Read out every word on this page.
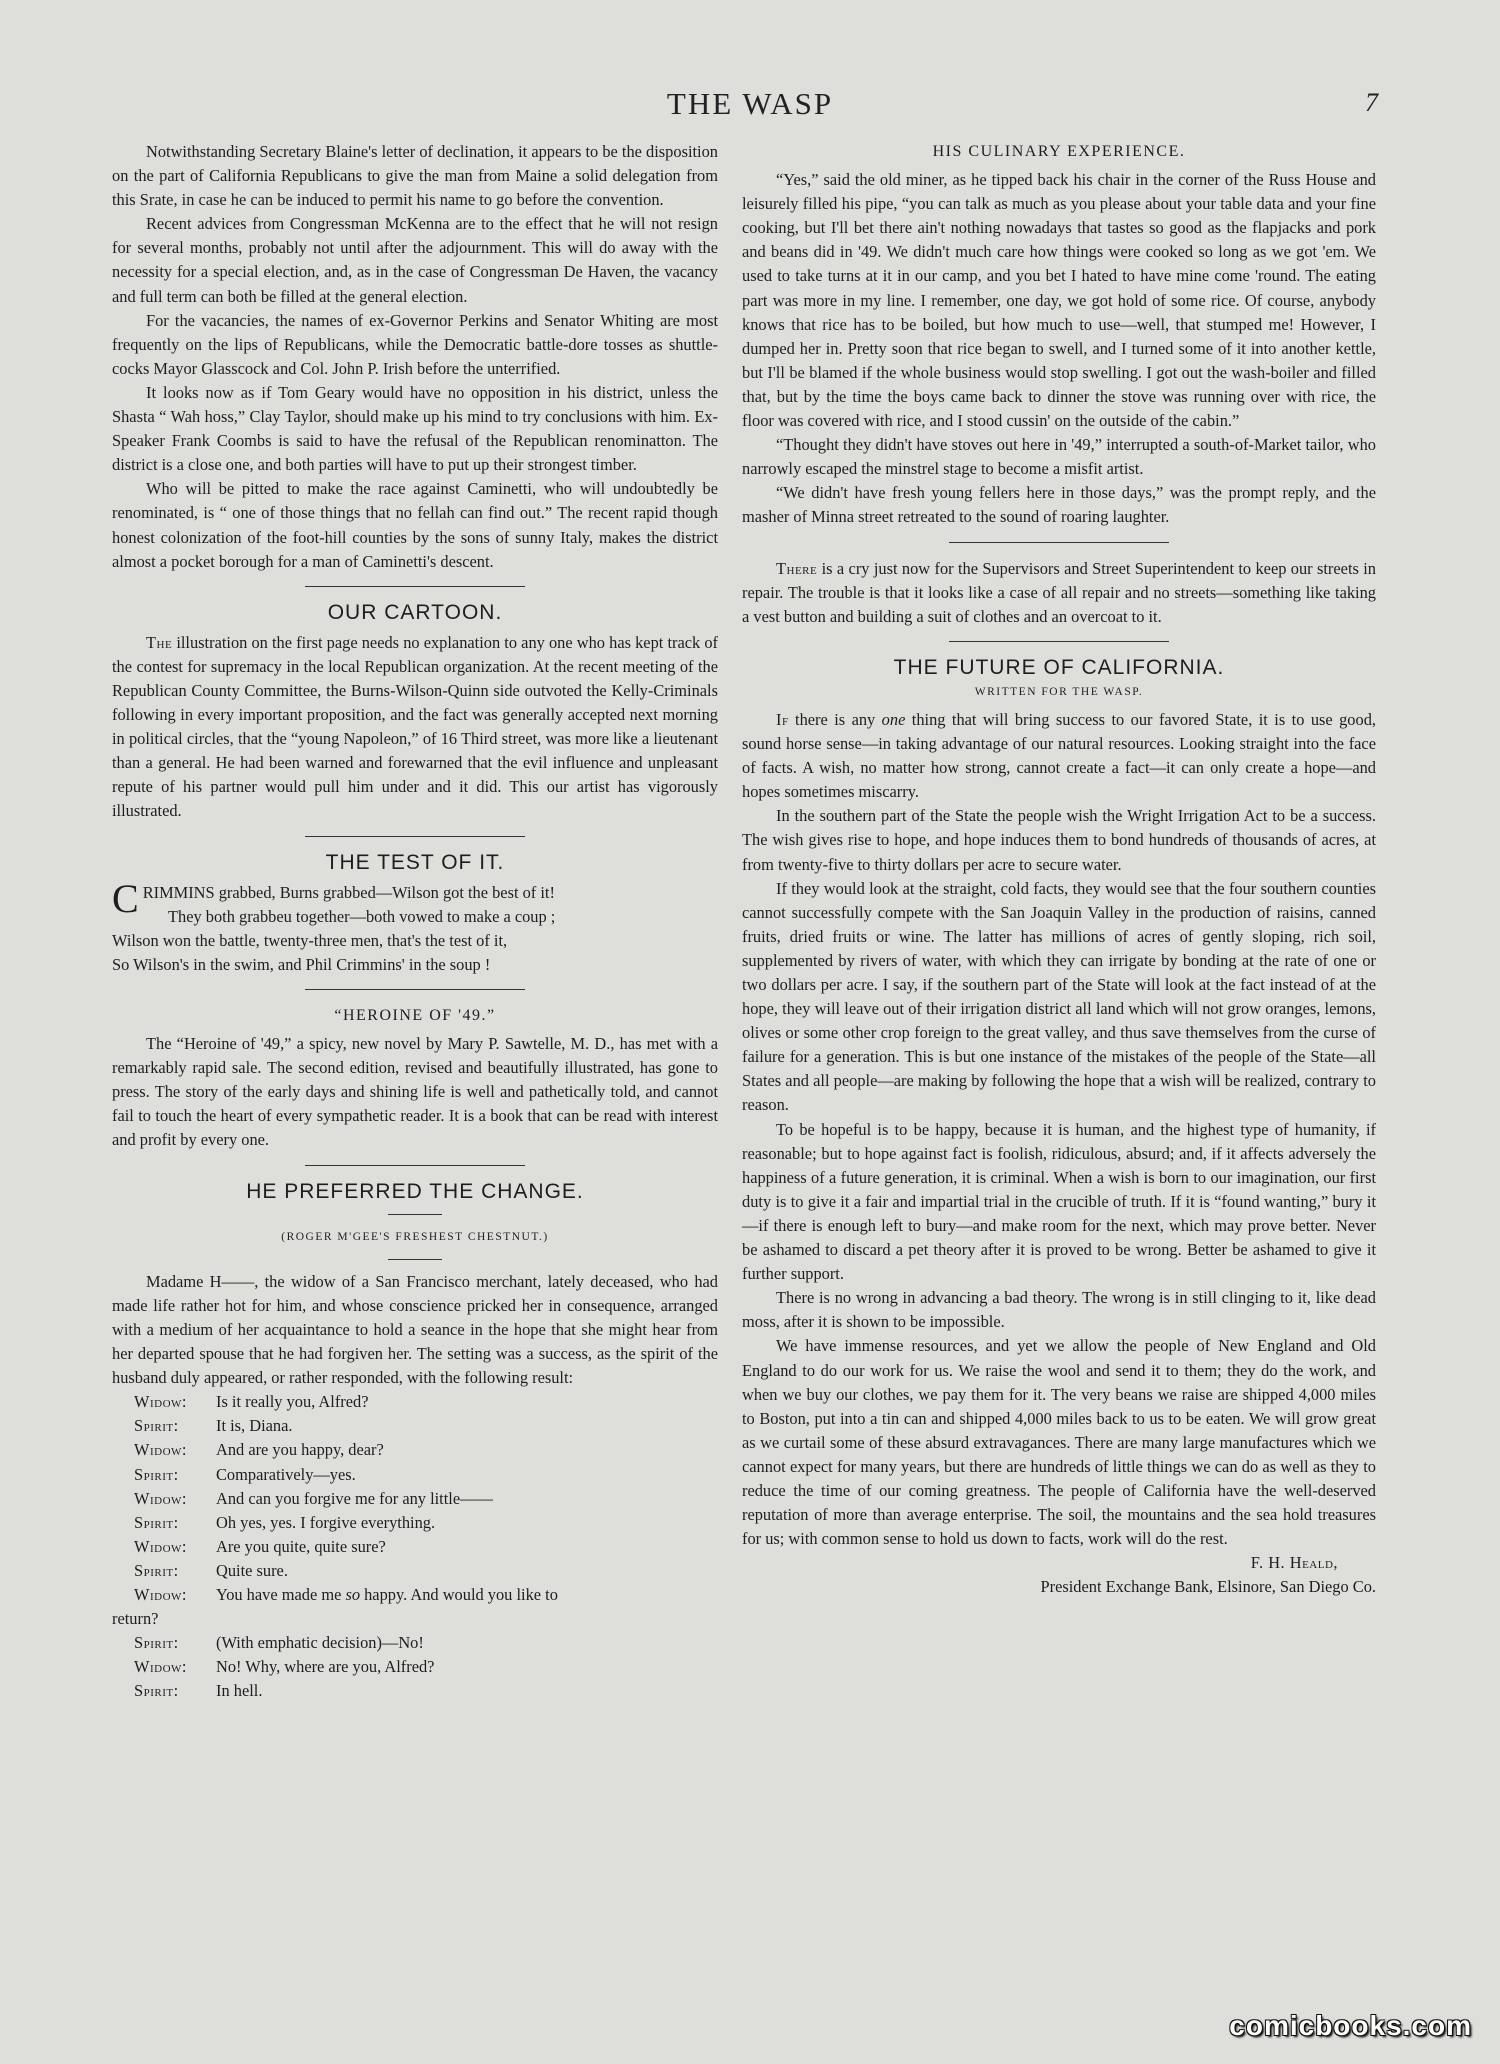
THE WASP	7

Notwithstanding Secretary Blaine's letter of declination, it appears to be the disposition on the part of California Republicans to give the man from Maine a solid delegation from this Srate, in case he can be induced to permit his name to go before the convention.

Recent advices from Congressman McKenna are to the effect that he will not resign for several months, probably not until after the adjournment. This will do away with the necessity for a special election, and, as in the case of Congressman De Haven, the vacancy and full term can both be filled at the general election.

For the vacancies, the names of ex-Governor Perkins and Senator Whiting are most frequently on the lips of Republicans, while the Democratic battle-dore tosses as shuttle-cocks Mayor Glasscock and Col. John P. Irish before the unterrified.

It looks now as if Tom Geary would have no opposition in his district, unless the Shasta “ Wah hoss,” Clay Taylor, should make up his mind to try conclusions with him. Ex-Speaker Frank Coombs is said to have the refusal of the Republican renominatton. The district is a close one, and both parties will have to put up their strongest timber.

Who will be pitted to make the race against Caminetti, who will undoubtedly be renominated, is “ one of those things that no fellah can find out.” The recent rapid though honest colonization of the foot-hill counties by the sons of sunny Italy, makes the district almost a pocket borough for a man of Caminetti's descent.

OUR CARTOON.

The illustration on the first page needs no explanation to any one who has kept track of the contest for supremacy in the local Republican organization. At the recent meeting of the Republican County Committee, the Burns-Wilson-Quinn side outvoted the Kelly-Criminals following in every important proposition, and the fact was generally accepted next morning in political circles, that the “young Napoleon,” of 16 Third street, was more like a lieutenant than a general. He had been warned and forewarned that the evil influence and unpleasant repute of his partner would pull him under and it did. This our artist has vigorously illustrated.

THE TEST OF IT.
CRIMMINS grabbed, Burns grabbed—Wilson got the best of it!
They both grabbeu together—both vowed to make a coup ;
Wilson won the battle, twenty-three men, that's the test of it,
So Wilson's in the swim, and Phil Crimmins' in the soup !
“HEROINE OF '49.”

The “Heroine of '49,” a spicy, new novel by Mary P. Sawtelle, M. D., has met with a remarkably rapid sale. The second edition, revised and beautifully illustrated, has gone to press. The story of the early days and shining life is well and pathetically told, and cannot fail to touch the heart of every sympathetic reader. It is a book that can be read with interest and profit by every one.

HE PREFERRED THE CHANGE.
(ROGER M'GEE'S FRESHEST CHESTNUT.)

Madame H——, the widow of a San Francisco merchant, lately deceased, who had made life rather hot for him, and whose conscience pricked her in consequence, arranged with a medium of her acquaintance to hold a seance in the hope that she might hear from her departed spouse that he had forgiven her. The setting was a success, as the spirit of the husband duly appeared, or rather responded, with the following result:

Widow: Is it really you, Alfred?
Spirit: It is, Diana.
Widow: And are you happy, dear?
Spirit: Comparatively—yes.
Widow: And can you forgive me for any little——
Spirit: Oh yes, yes. I forgive everything.
Widow: Are you quite, quite sure?
Spirit: Quite sure.
Widow: You have made me so happy. And would you like to
return?
Spirit: (With emphatic decision)—No!
Widow: No! Why, where are you, Alfred?
Spirit: In hell.
HIS CULINARY EXPERIENCE.

“Yes,” said the old miner, as he tipped back his chair in the corner of the Russ House and leisurely filled his pipe, “you can talk as much as you please about your table data and your fine cooking, but I'll bet there ain't nothing nowadays that tastes so good as the flapjacks and pork and beans did in '49. We didn't much care how things were cooked so long as we got 'em. We used to take turns at it in our camp, and you bet I hated to have mine come 'round. The eating part was more in my line. I remember, one day, we got hold of some rice. Of course, anybody knows that rice has to be boiled, but how much to use—well, that stumped me! However, I dumped her in. Pretty soon that rice began to swell, and I turned some of it into another kettle, but I'll be blamed if the whole business would stop swelling. I got out the wash-boiler and filled that, but by the time the boys came back to dinner the stove was running over with rice, the floor was covered with rice, and I stood cussin' on the outside of the cabin.”

“Thought they didn't have stoves out here in '49,” interrupted a south-of-Market tailor, who narrowly escaped the minstrel stage to become a misfit artist.

“We didn't have fresh young fellers here in those days,” was the prompt reply, and the masher of Minna street retreated to the sound of roaring laughter.

There is a cry just now for the Supervisors and Street Superintendent to keep our streets in repair. The trouble is that it looks like a case of all repair and no streets—something like taking a vest button and building a suit of clothes and an overcoat to it.

THE FUTURE OF CALIFORNIA.
WRITTEN FOR THE WASP.

If there is any one thing that will bring success to our favored State, it is to use good, sound horse sense—in taking advantage of our natural resources. Looking straight into the face of facts. A wish, no matter how strong, cannot create a fact—it can only create a hope—and hopes sometimes miscarry.

In the southern part of the State the people wish the Wright Irrigation Act to be a success. The wish gives rise to hope, and hope induces them to bond hundreds of thousands of acres, at from twenty-five to thirty dollars per acre to secure water.

If they would look at the straight, cold facts, they would see that the four southern counties cannot successfully compete with the San Joaquin Valley in the production of raisins, canned fruits, dried fruits or wine. The latter has millions of acres of gently sloping, rich soil, supplemented by rivers of water, with which they can irrigate by bonding at the rate of one or two dollars per acre. I say, if the southern part of the State will look at the fact instead of at the hope, they will leave out of their irrigation district all land which will not grow oranges, lemons, olives or some other crop foreign to the great valley, and thus save themselves from the curse of failure for a generation. This is but one instance of the mistakes of the people of the State—all States and all people—are making by following the hope that a wish will be realized, contrary to reason.

To be hopeful is to be happy, because it is human, and the highest type of humanity, if reasonable; but to hope against fact is foolish, ridiculous, absurd; and, if it affects adversely the happiness of a future generation, it is criminal. When a wish is born to our imagination, our first duty is to give it a fair and impartial trial in the crucible of truth. If it is “found wanting,” bury it—if there is enough left to bury—and make room for the next, which may prove better. Never be ashamed to discard a pet theory after it is proved to be wrong. Better be ashamed to give it further support.

There is no wrong in advancing a bad theory. The wrong is in still clinging to it, like dead moss, after it is shown to be impossible.

We have immense resources, and yet we allow the people of New England and Old England to do our work for us. We raise the wool and send it to them; they do the work, and when we buy our clothes, we pay them for it. The very beans we raise are shipped 4,000 miles to Boston, put into a tin can and shipped 4,000 miles back to us to be eaten. We will grow great as we curtail some of these absurd extravagances. There are many large manufactures which we cannot expect for many years, but there are hundreds of little things we can do as well as they to reduce the time of our coming greatness. The people of California have the well-deserved reputation of more than average enterprise. The soil, the mountains and the sea hold treasures for us; with common sense to hold us down to facts, work will do the rest.

F. H. Heald,
President Exchange Bank, Elsinore, San Diego Co.
comicbooks.com
